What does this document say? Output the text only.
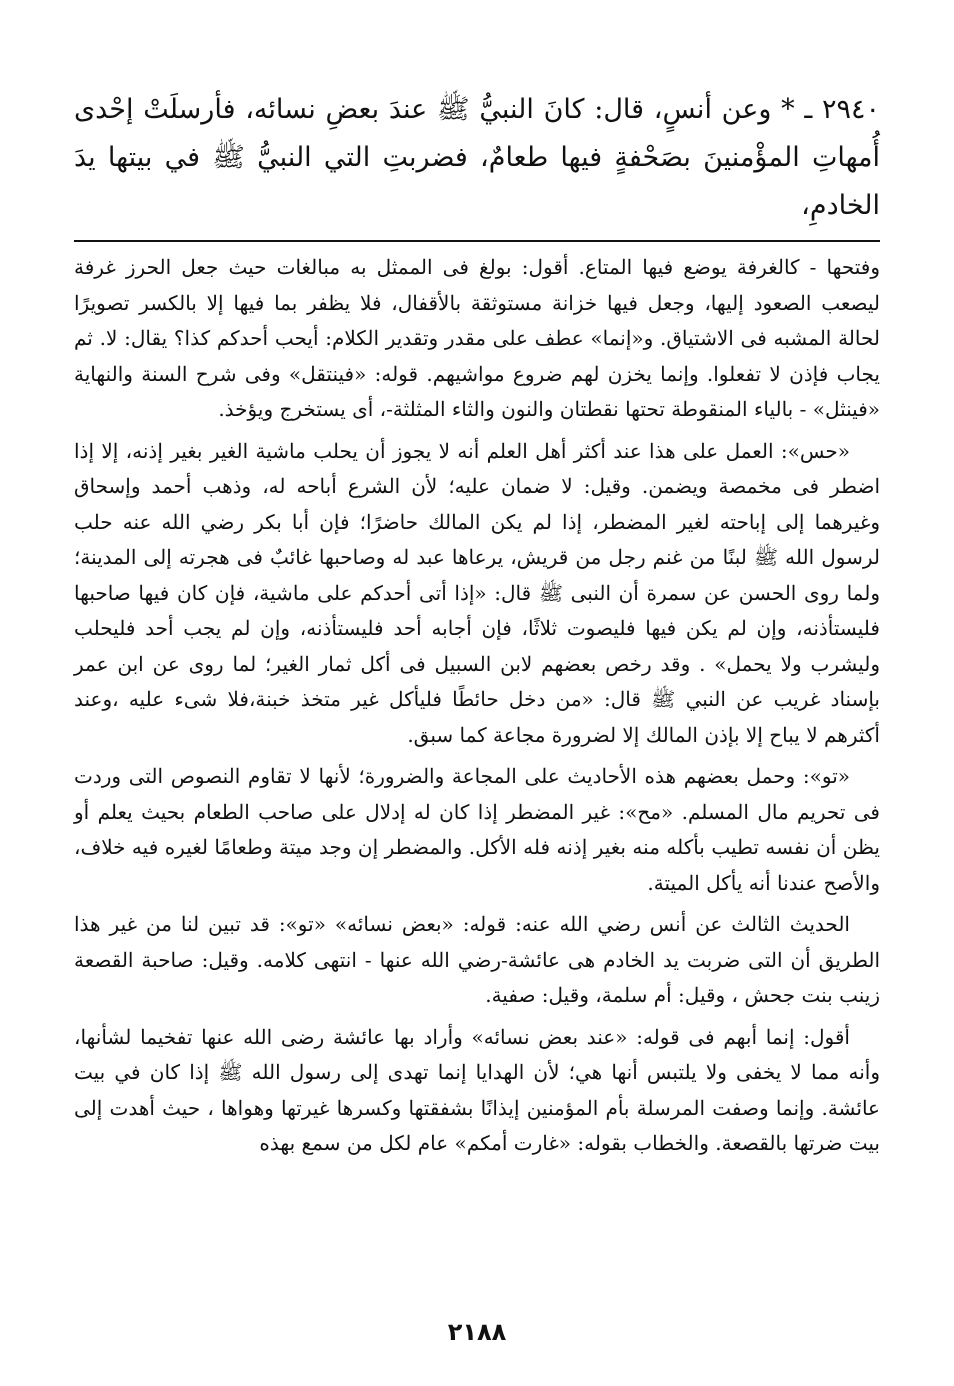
٢٩٤٠ ـ * وعن أنسٍ، قال: كانَ النبيُّ ﷺ عندَ بعضِ نسائه، فأرسلَتْ إحْدى
أُمهاتِ المؤْمنينَ بصَحْفةٍ فيها طعامٌ، فضربتِ التي النبيُّ ﷺ في بيتها يدَ الخادمِ،

وفتحها - كالغرفة يوضع فيها المتاع. أقول: بولغ فى الممثل به مبالغات حيث جعل الحرز غرفة ليصعب الصعود إليها، وجعل فيها خزانة مستوثقة بالأقفال، فلا يظفر بما فيها إلا بالكسر تصويرًا لحالة المشبه فى الاشتياق. و«إنما» عطف على مقدر وتقدير الكلام: أيحب أحدكم كذا؟ يقال: لا. ثم يجاب فإذن لا تفعلوا. وإنما يخزن لهم ضروع مواشيهم. قوله: «فينتقل» وفى شرح السنة والنهاية «فينثل» - بالياء المنقوطة تحتها نقطتان والنون والثاء المثلثة-، أى يستخرج ويؤخذ.

«حس»: العمل على هذا عند أكثر أهل العلم أنه لا يجوز أن يحلب ماشية الغير بغير إذنه، إلا إذا اضطر فى مخمصة ويضمن. وقيل: لا ضمان عليه؛ لأن الشرع أباحه له، وذهب أحمد وإسحاق وغيرهما إلى إباحته لغير المضطر، إذا لم يكن المالك حاضرًا؛ فإن أبا بكر رضي الله عنه حلب لرسول الله ﷺ لبنًا من غنم رجل من قريش، يرعاها عبد له وصاحبها غائبٌ فى هجرته إلى المدينة؛ ولما روى الحسن عن سمرة أن النبى ﷺ قال: «إذا أتى أحدكم على ماشية، فإن كان فيها صاحبها فليستأذنه، وإن لم يكن فيها فليصوت ثلاثًا، فإن أجابه أحد فليستأذنه، وإن لم يجب أحد فليحلب وليشرب ولا يحمل» . وقد رخص بعضهم لابن السبيل فى أكل ثمار الغير؛ لما روى عن ابن عمر بإسناد غريب عن النبي ﷺ قال: «من دخل حائطًا فليأكل غير متخذ خبنة،فلا شىء عليه ،وعند أكثرهم لا يباح إلا بإذن المالك إلا لضرورة مجاعة كما سبق.

«تو»: وحمل بعضهم هذه الأحاديث على المجاعة والضرورة؛ لأنها لا تقاوم النصوص التى وردت فى تحريم مال المسلم. «مح»: غير المضطر إذا كان له إدلال على صاحب الطعام بحيث يعلم أو يظن أن نفسه تطيب بأكله منه بغير إذنه فله الأكل. والمضطر إن وجد ميتة وطعامًا لغيره فيه خلاف، والأصح عندنا أنه يأكل الميتة.

الحديث الثالث عن أنس رضي الله عنه: قوله: «بعض نسائه» «تو»: قد تبين لنا من غير هذا الطريق أن التى ضربت يد الخادم هى عائشة-رضي الله عنها - انتهى كلامه. وقيل: صاحبة القصعة زينب بنت جحش ، وقيل: أم سلمة، وقيل: صفية.

أقول: إنما أبهم فى قوله: «عند بعض نسائه» وأراد بها عائشة رضى الله عنها تفخيما لشأنها، وأنه مما لا يخفى ولا يلتبس أنها هي؛ لأن الهدايا إنما تهدى إلى رسول الله ﷺ إذا كان في بيت عائشة. وإنما وصفت المرسلة بأم المؤمنين إيذانًا بشفقتها وكسرها غيرتها وهواها ، حيث أهدت إلى بيت ضرتها بالقصعة. والخطاب بقوله: «غارت أمكم» عام لكل من سمع بهذه

٢١٨٨
